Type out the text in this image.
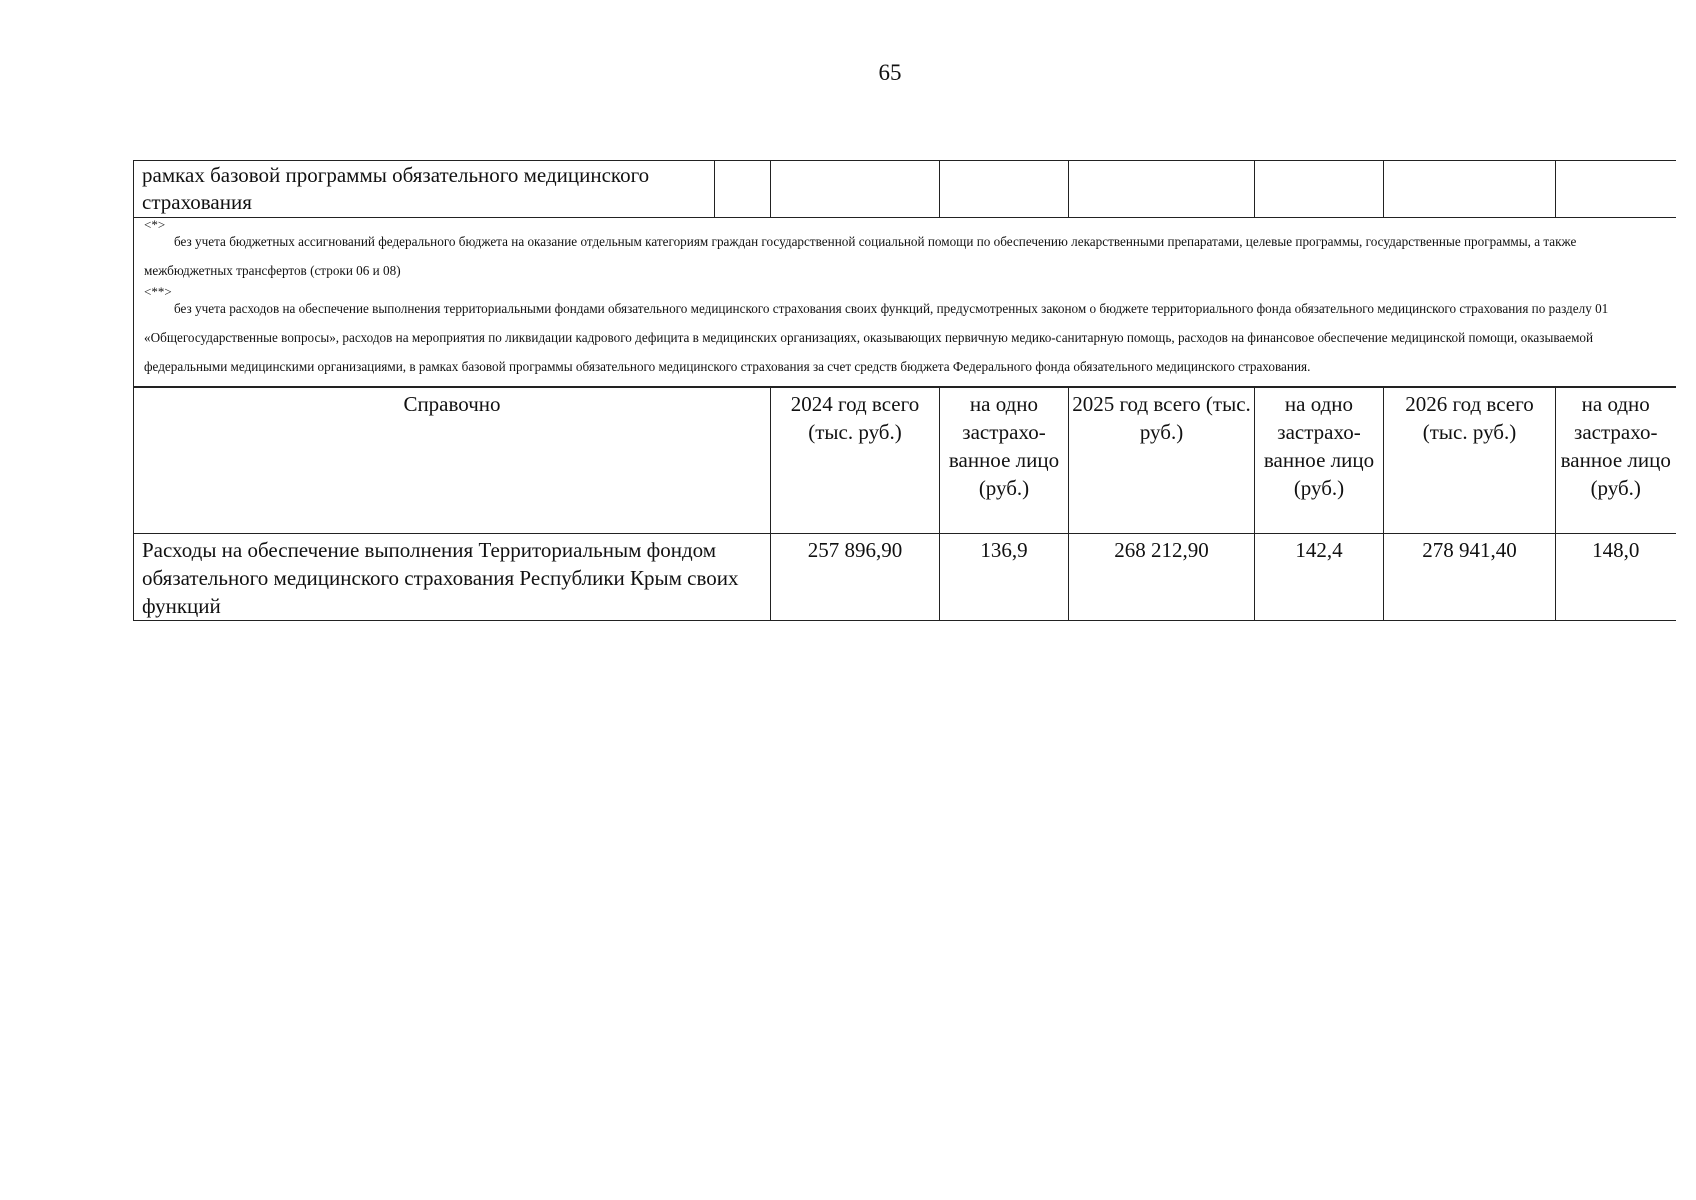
65
рамках базовой программы обязательного медицинского страхования

<*>
без учета бюджетных ассигнований федерального бюджета на оказание отдельным категориям граждан государственной социальной помощи по обеспечению лекарственными препаратами, целевые программы, государственные программы, а также межбюджетных трансфертов (строки 06 и 08)
<**>
без учета расходов на обеспечение выполнения территориальными фондами обязательного медицинского страхования своих функций, предусмотренных законом о бюджете территориального фонда обязательного медицинского страхования по разделу 01 «Общегосударственные вопросы», расходов на мероприятия по ликвидации кадрового дефицита в медицинских организациях, оказывающих первичную медико-санитарную помощь, расходов на финансовое обеспечение медицинской помощи, оказываемой федеральными медицинскими организациями, в рамках базовой программы обязательного медицинского страхования за счет средств бюджета Федерального фонда обязательного медицинского страхования.
Справочно	2024 год всего (тыс. руб.)	на одно застрахо-ванное лицо (руб.)	2025 год всего (тыс. руб.)	на одно застрахо-ванное лицо (руб.)	2026 год всего (тыс. руб.)	на одно застрахо-ванное лицо (руб.)
Расходы на обеспечение выполнения Территориальным фондом обязательного медицинского страхования Республики Крым своих функций	257 896,90	136,9	268 212,90	142,4	278 941,40	148,0
